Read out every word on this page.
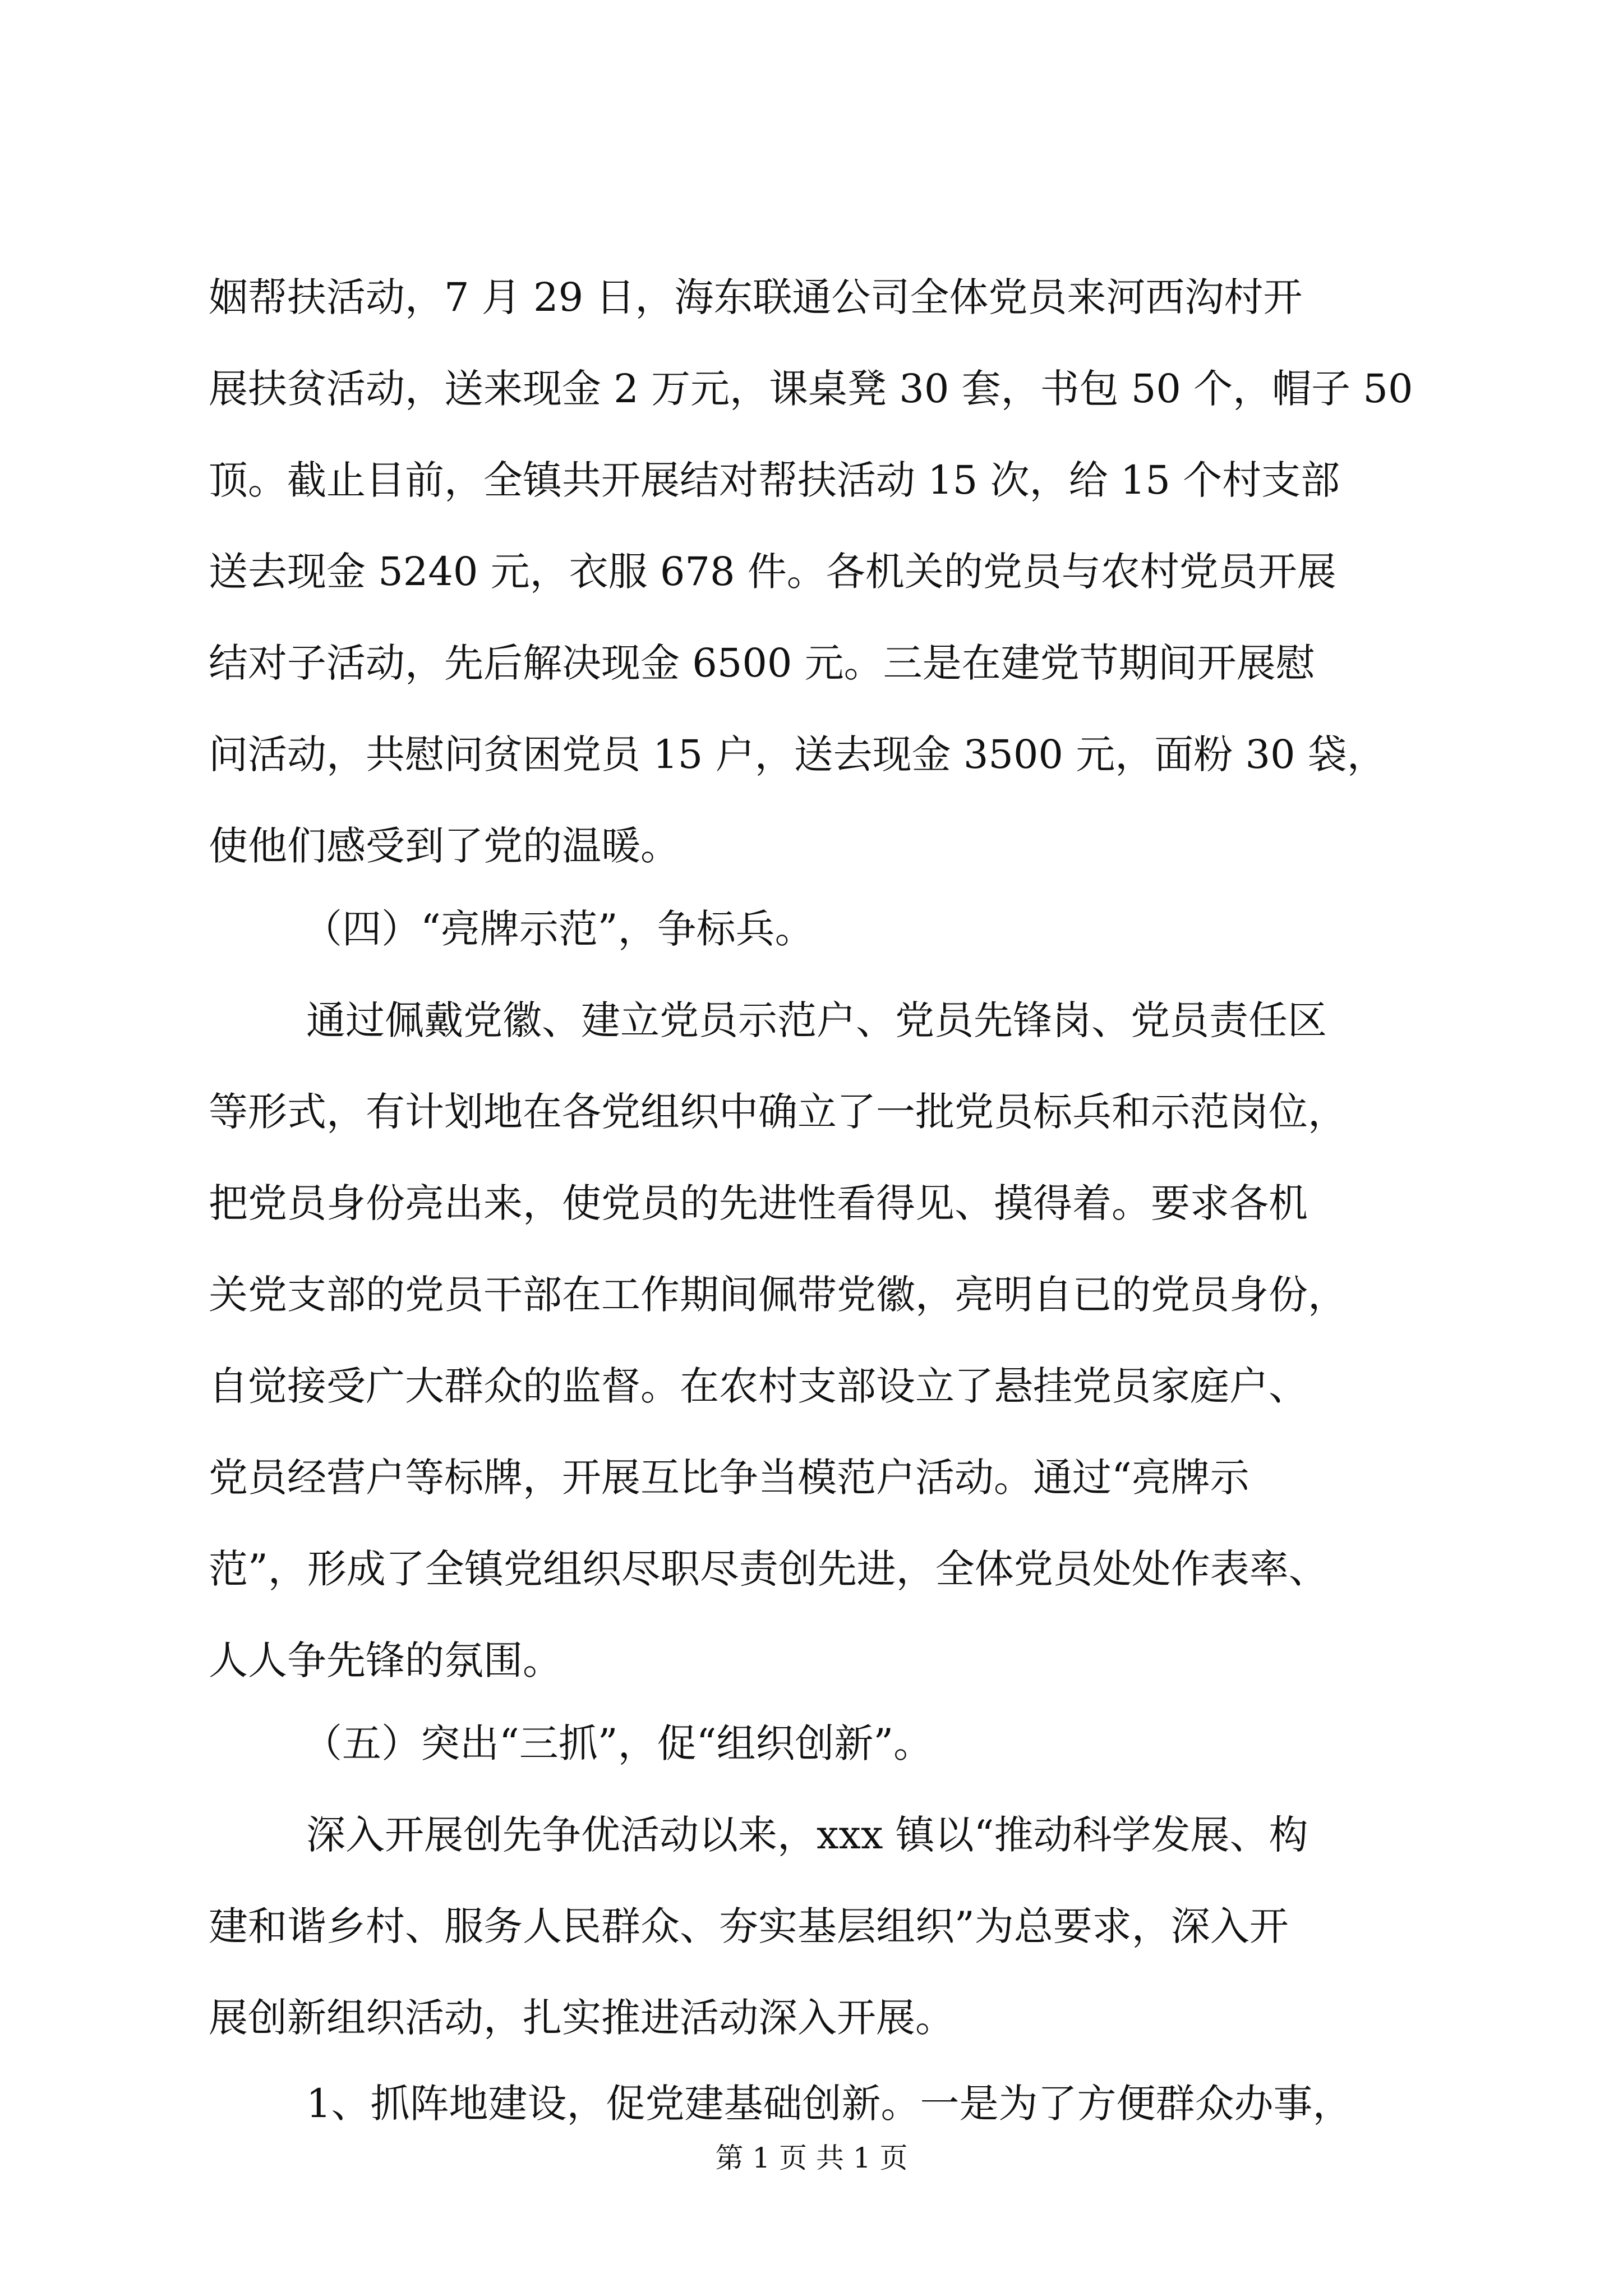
姻帮扶活动，7 月 29 日，海东联通公司全体党员来河西沟村开
展扶贫活动，送来现金 2 万元，课桌凳 30 套，书包 50 个，帽子 50
顶。截止目前，全镇共开展结对帮扶活动 15 次，给 15 个村支部
送去现金 5240 元，衣服 678 件。各机关的党员与农村党员开展
结对子活动，先后解决现金 6500 元。三是在建党节期间开展慰
问活动，共慰问贫困党员 15 户，送去现金 3500 元，面粉 30 袋，
使他们感受到了党的温暖。
（四）“亮牌示范”，争标兵。
通过佩戴党徽、建立党员示范户、党员先锋岗、党员责任区
等形式，有计划地在各党组织中确立了一批党员标兵和示范岗位，
把党员身份亮出来，使党员的先进性看得见、摸得着。要求各机
关党支部的党员干部在工作期间佩带党徽，亮明自已的党员身份，
自觉接受广大群众的监督。在农村支部设立了悬挂党员家庭户、
党员经营户等标牌，开展互比争当模范户活动。通过“亮牌示
范”，形成了全镇党组织尽职尽责创先进，全体党员处处作表率、
人人争先锋的氛围。
（五）突出“三抓”，促“组织创新”。
深入开展创先争优活动以来，xxx 镇以“推动科学发展、构
建和谐乡村、服务人民群众、夯实基层组织”为总要求，深入开
展创新组织活动，扎实推进活动深入开展。
1、抓阵地建设，促党建基础创新。一是为了方便群众办事，
第 1 页 共 1 页
